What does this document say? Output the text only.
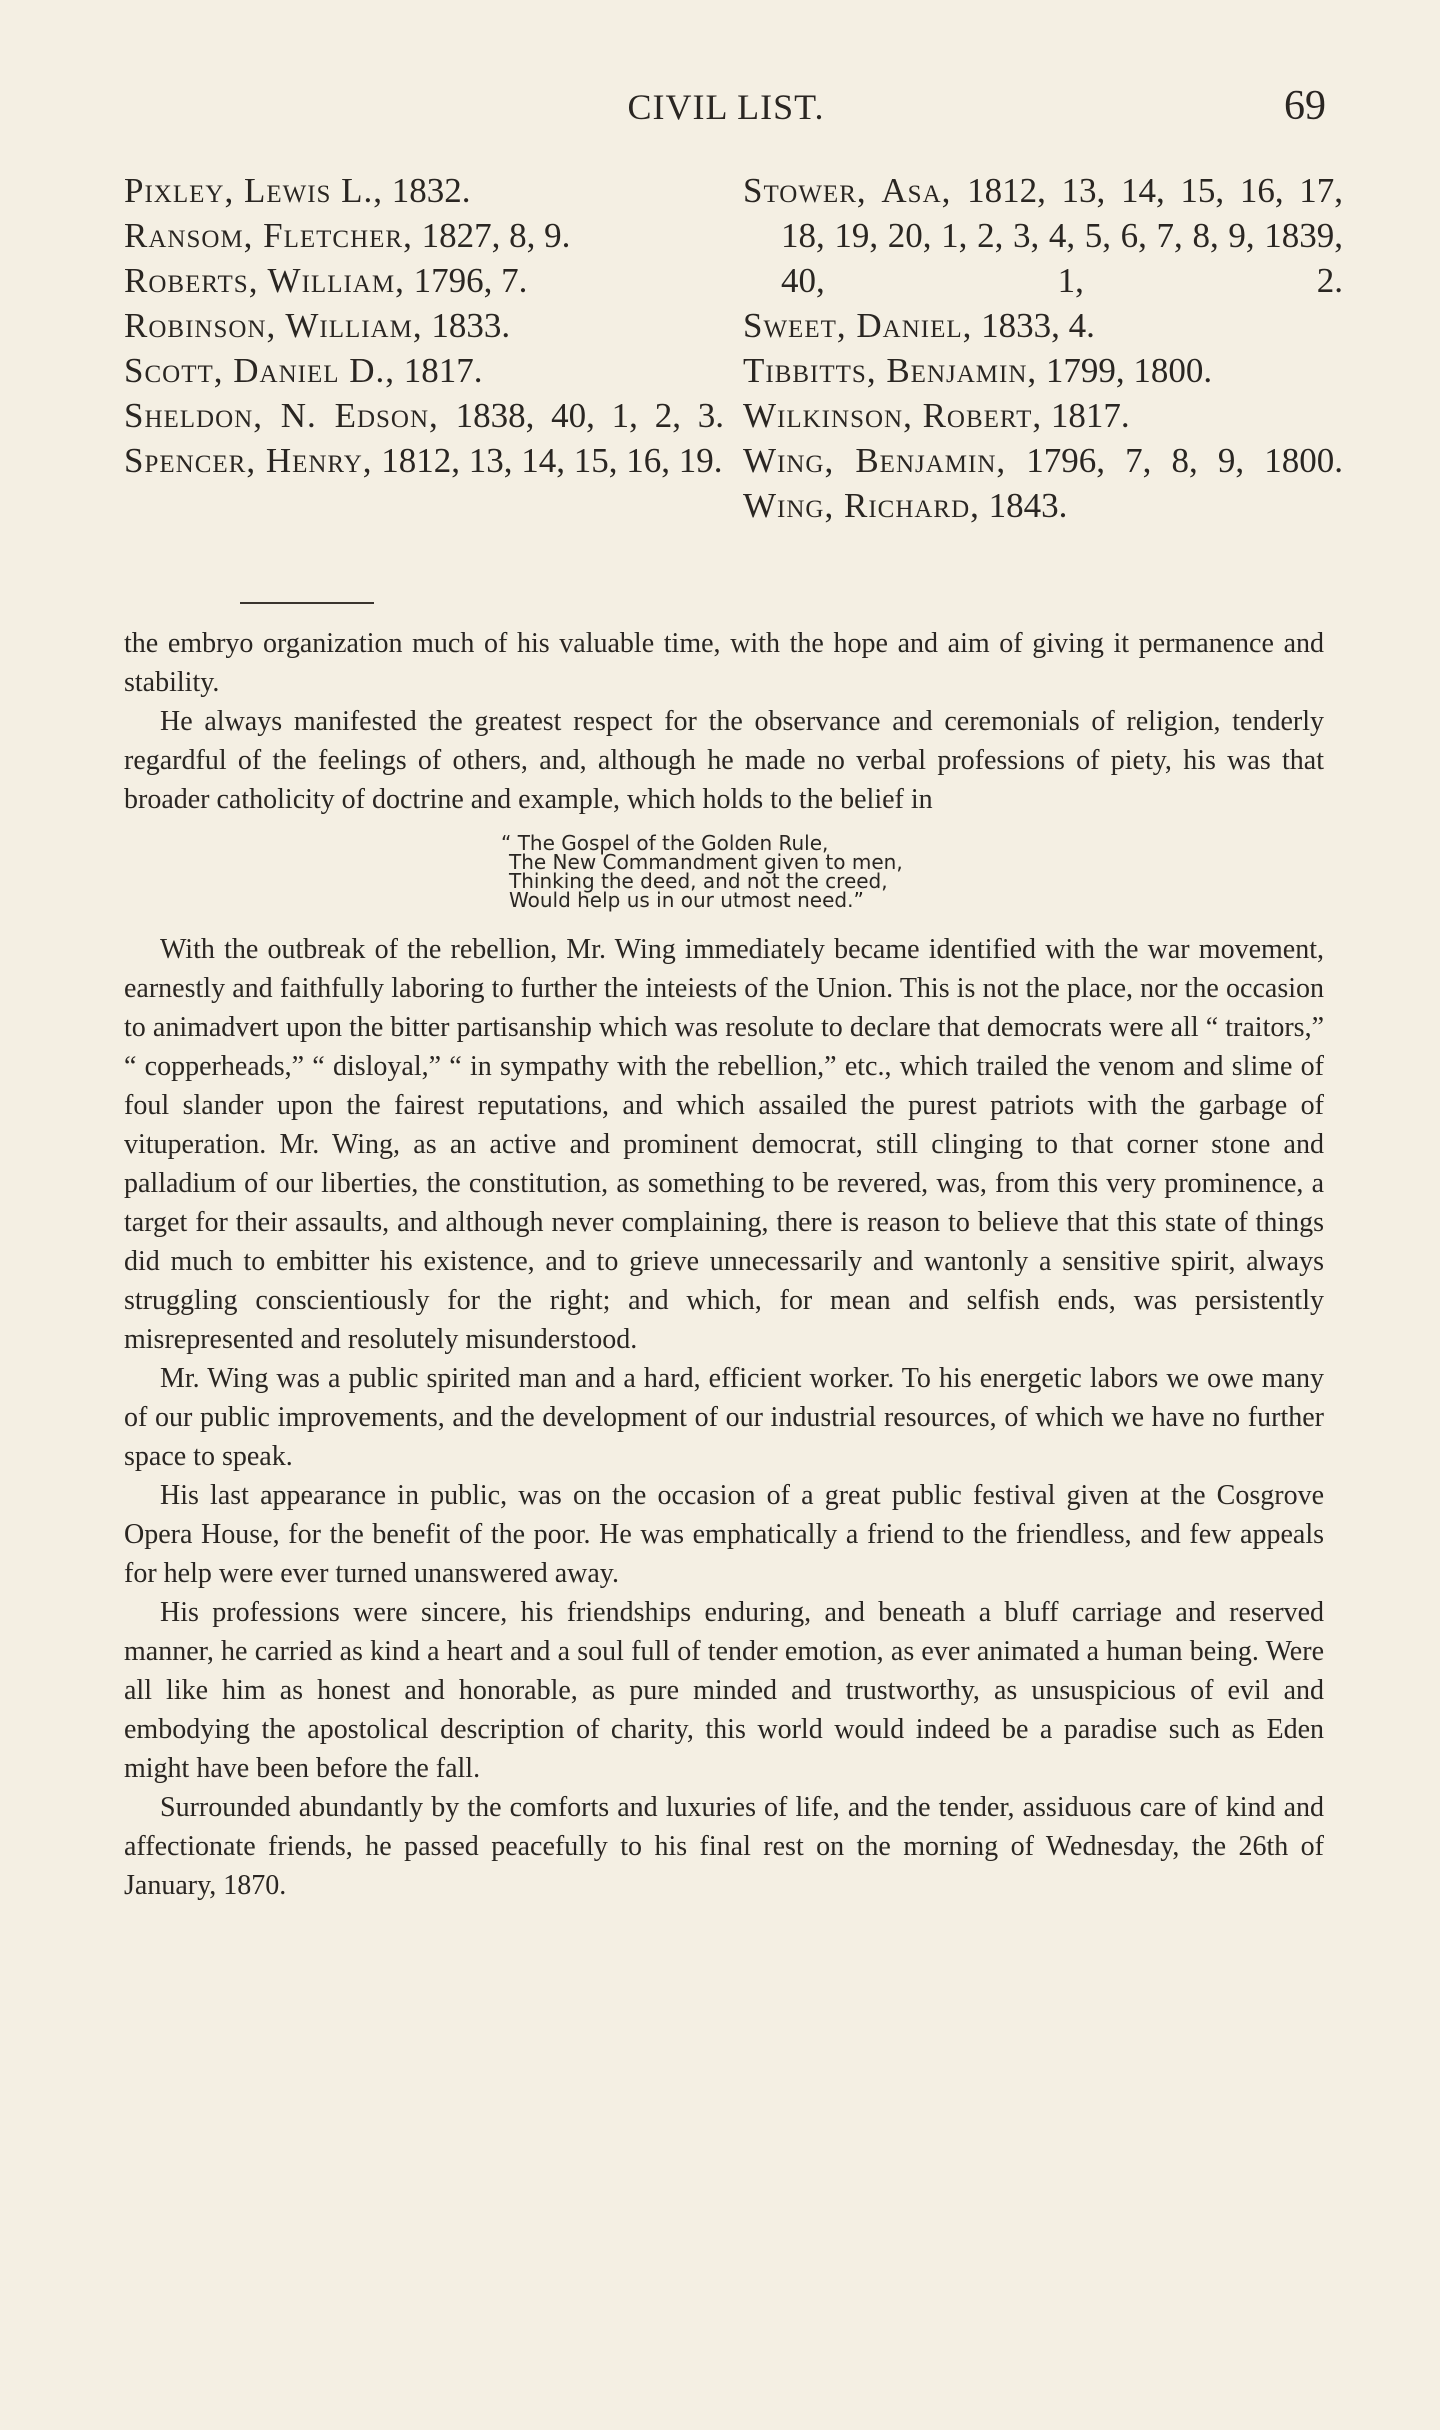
CIVIL LIST.	69

Pixley, Lewis L., 1832.

Ransom, Fletcher, 1827, 8, 9.

Roberts, William, 1796, 7.

Robinson, William, 1833.

Scott, Daniel D., 1817.

Sheldon, N. Edson, 1838, 40, 1, 2, 3.

Spencer, Henry, 1812, 13, 14, 15, 16, 19.

Stower, Asa, 1812, 13, 14, 15, 16, 17, 18, 19, 20, 1, 2, 3, 4, 5, 6, 7, 8, 9, 1839, 40, 1, 2.

Sweet, Daniel, 1833, 4.

Tibbitts, Benjamin, 1799, 1800.

Wilkinson, Robert, 1817.

Wing, Benjamin, 1796, 7, 8, 9, 1800.

Wing, Richard, 1843.

the embryo organization much of his valuable time, with the hope and aim of giving it permanence and stability.

He always manifested the greatest respect for the observance and ceremonials of religion, tenderly regardful of the feelings of others, and, although he made no verbal professions of piety, his was that broader catholicity of doctrine and example, which holds to the belief in

“ The Gospel of the Golden Rule,
The New Commandment given to men,
Thinking the deed, and not the creed,
Would help us in our utmost need.”

With the outbreak of the rebellion, Mr. Wing immediately became identified with the war movement, earnestly and faithfully laboring to further the inteiests of the Union. This is not the place, nor the occasion to animadvert upon the bitter partisanship which was resolute to declare that democrats were all “ traitors,” “ copperheads,” “ disloyal,” “ in sympathy with the rebellion,” etc., which trailed the venom and slime of foul slander upon the fairest reputations, and which assailed the purest patriots with the garbage of vituperation. Mr. Wing, as an active and prominent democrat, still clinging to that corner stone and palladium of our liberties, the constitution, as something to be revered, was, from this very prominence, a target for their assaults, and although never complaining, there is reason to believe that this state of things did much to embitter his existence, and to grieve unnecessarily and wantonly a sensitive spirit, always struggling conscientiously for the right; and which, for mean and selfish ends, was persistently misrepresented and resolutely misunderstood.

Mr. Wing was a public spirited man and a hard, efficient worker. To his energetic labors we owe many of our public improvements, and the development of our industrial resources, of which we have no further space to speak.

His last appearance in public, was on the occasion of a great public festival given at the Cosgrove Opera House, for the benefit of the poor. He was emphatically a friend to the friendless, and few appeals for help were ever turned unanswered away.

His professions were sincere, his friendships enduring, and beneath a bluff carriage and reserved manner, he carried as kind a heart and a soul full of tender emotion, as ever animated a human being. Were all like him as honest and honorable, as pure minded and trustworthy, as unsuspicious of evil and embodying the apostolical description of charity, this world would indeed be a paradise such as Eden might have been before the fall.

Surrounded abundantly by the comforts and luxuries of life, and the tender, assiduous care of kind and affectionate friends, he passed peacefully to his final rest on the morning of Wednesday, the 26th of January, 1870.
